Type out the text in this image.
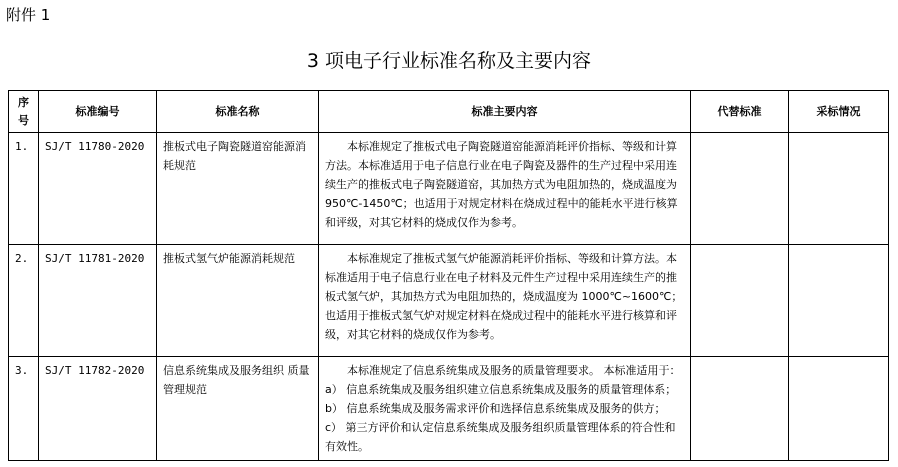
附件 1
3 项电子行业标准名称及主要内容
序号	标准编号	标准名称	标准主要内容	代替标准	采标情况
1.	SJ/T 11780-2020	推板式电子陶瓷隧道窑能源消耗规范	本标准规定了推板式电子陶瓷隧道窑能源消耗评价指标、等级和计算方法。本标准适用于电子信息行业在电子陶瓷及器件的生产过程中采用连续生产的推板式电子陶瓷隧道窑，其加热方式为电阻加热的，烧成温度为 950℃-1450℃；也适用于对规定材料在烧成过程中的能耗水平进行核算和评级，对其它材料的烧成仅作为参考。		
2.	SJ/T 11781-2020	推板式氢气炉能源消耗规范	本标准规定了推板式氢气炉能源消耗评价指标、等级和计算方法。本标准适用于电子信息行业在电子材料及元件生产过程中采用连续生产的推板式氢气炉，其加热方式为电阻加热的，烧成温度为 1000℃~1600℃；也适用于推板式氢气炉对规定材料在烧成过程中的能耗水平进行核算和评级，对其它材料的烧成仅作为参考。		
3.	SJ/T 11782-2020	信息系统集成及服务组织 质量管理规范	本标准规定了信息系统集成及服务的质量管理要求。 本标准适用于： a） 信息系统集成及服务组织建立信息系统集成及服务的质量管理体系； b） 信息系统集成及服务需求评价和选择信息系统集成及服务的供方； c） 第三方评价和认定信息系统集成及服务组织质量管理体系的符合性和有效性。		
